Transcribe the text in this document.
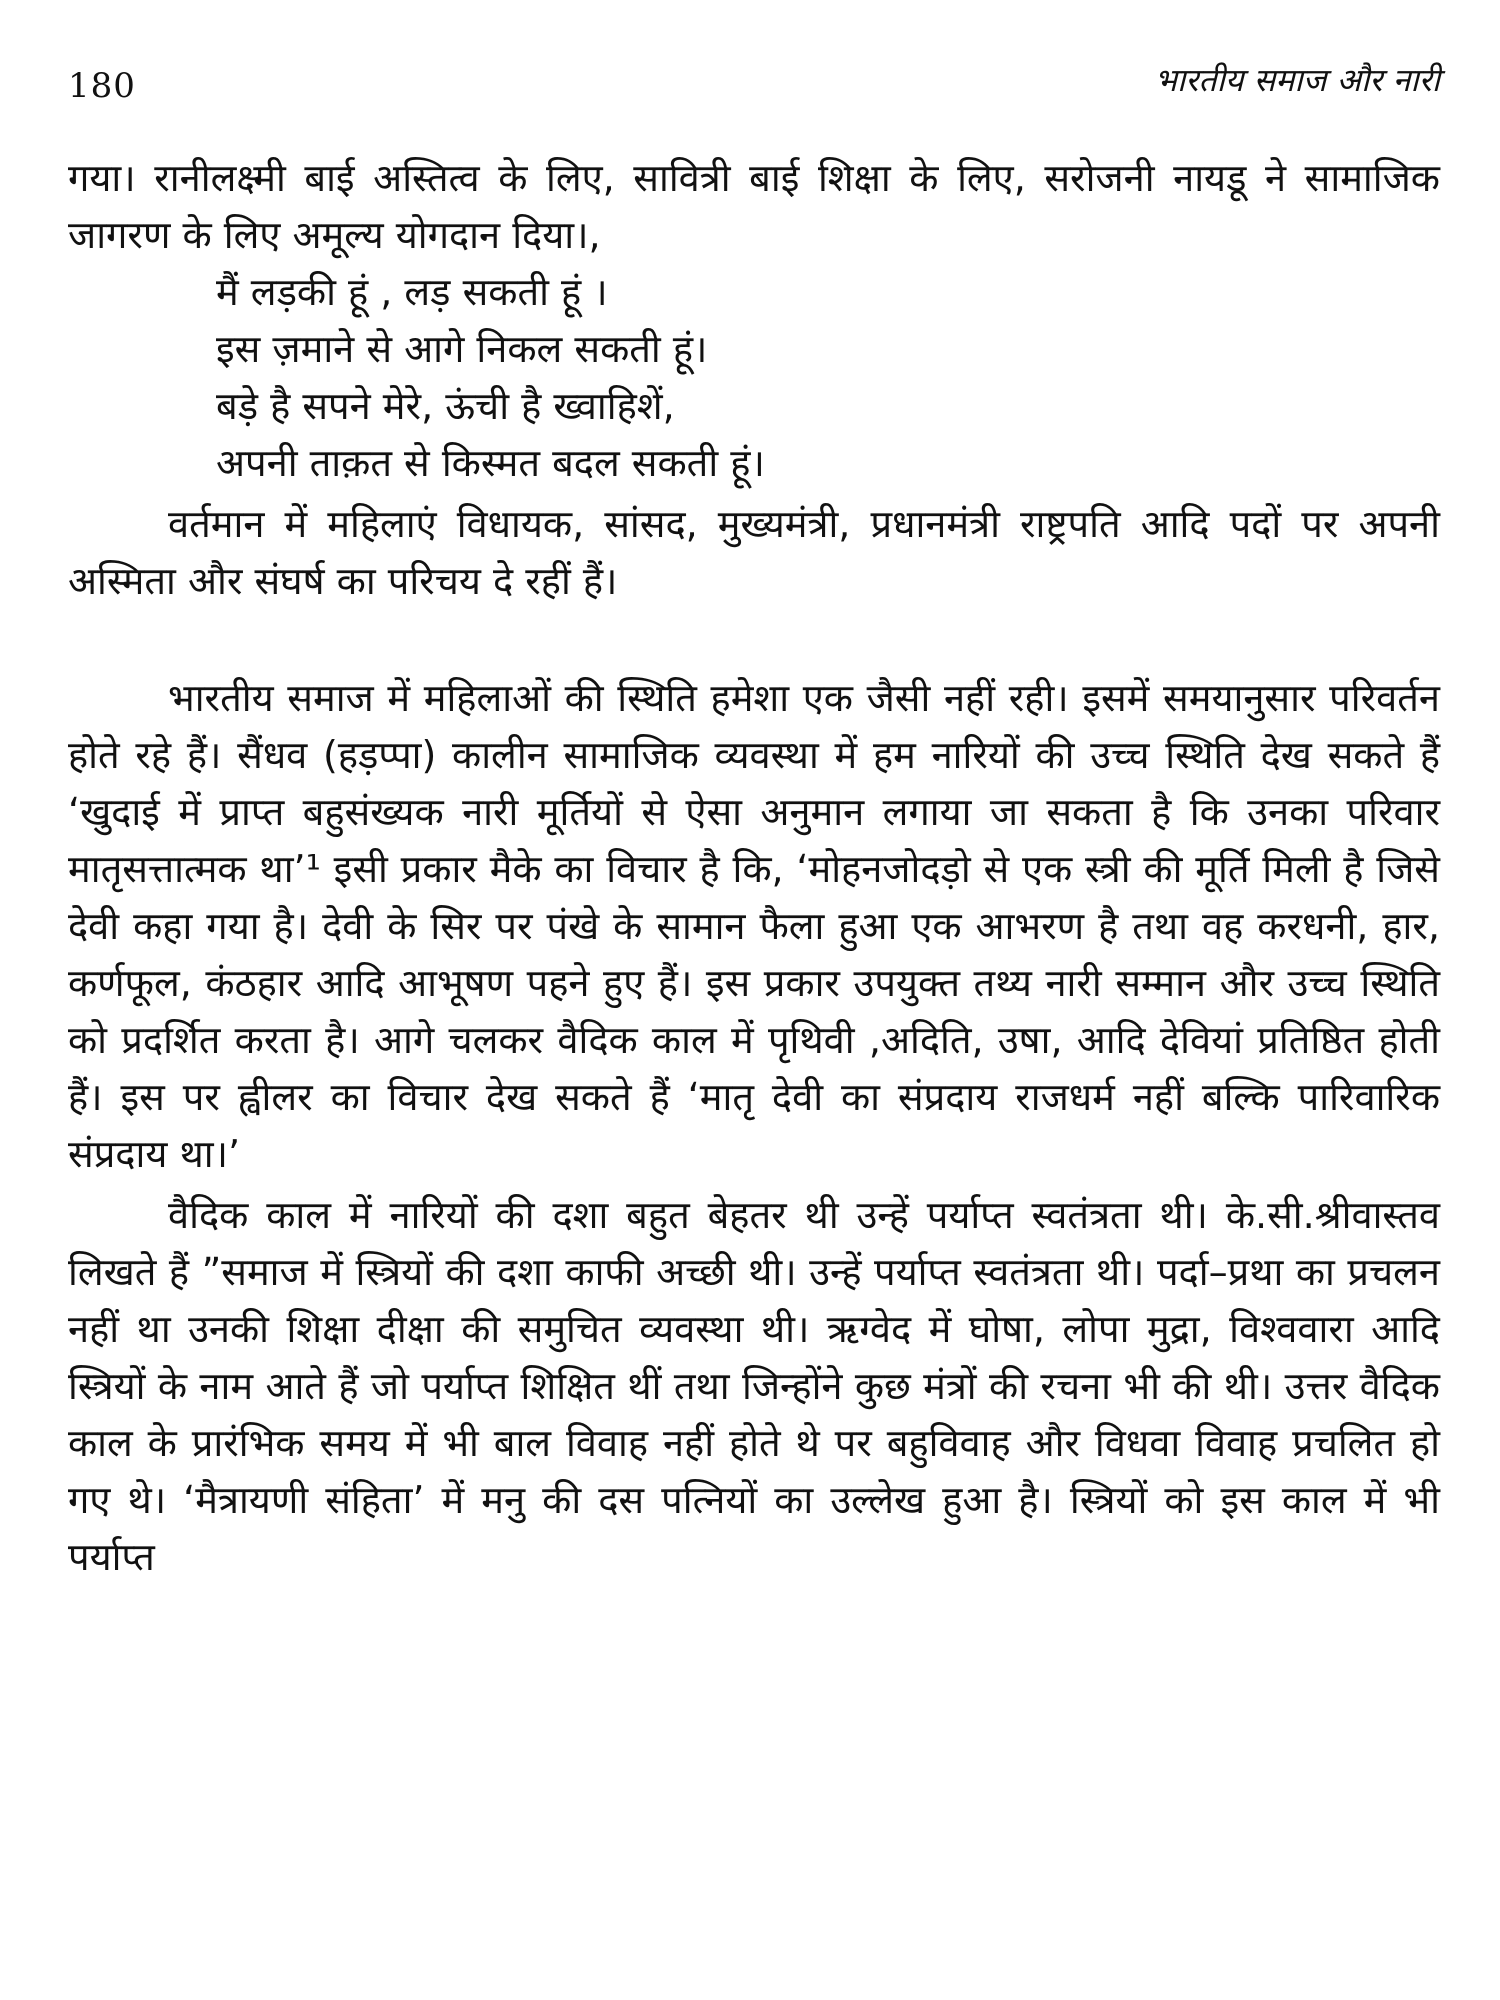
180	भारतीय समाज और नारी

गया। रानीलक्ष्मी बाई अस्तित्व के लिए, सावित्री बाई शिक्षा के लिए, सरोजनी नायडू ने सामाजिक जागरण के लिए अमूल्य योगदान दिया।,

मैं लड़की हूं , लड़ सकती हूं ।
इस ज़माने से आगे निकल सकती हूं।
बड़े है सपने मेरे, ऊंची है ख्वाहिशें,
अपनी ताक़त से किस्मत बदल सकती हूं।

वर्तमान में महिलाएं विधायक, सांसद, मुख्यमंत्री, प्रधानमंत्री राष्ट्रपति आदि पदों पर अपनी अस्मिता और संघर्ष का परिचय दे रहीं हैं।

भारतीय समाज में महिलाओं की स्थिति हमेशा एक जैसी नहीं रही। इसमें समयानुसार परिवर्तन होते रहे हैं। सैंधव (हड़प्पा) कालीन सामाजिक व्यवस्था में हम नारियों की उच्च स्थिति देख सकते हैं ‘खुदाई में प्राप्त बहुसंख्यक नारी मूर्तियों से ऐसा अनुमान लगाया जा सकता है कि उनका परिवार मातृसत्तात्मक था’¹ इसी प्रकार मैके का विचार है कि, ‘मोहनजोदड़ो से एक स्त्री की मूर्ति मिली है जिसे देवी कहा गया है। देवी के सिर पर पंखे के सामान फैला हुआ एक आभरण है तथा वह करधनी, हार, कर्णफूल, कंठहार आदि आभूषण पहने हुए हैं। इस प्रकार उपयुक्त तथ्य नारी सम्मान और उच्च स्थिति को प्रदर्शित करता है। आगे चलकर वैदिक काल में पृथिवी ,अदिति, उषा, आदि देवियां प्रतिष्ठित होती हैं। इस पर ह्वीलर का विचार देख सकते हैं ‘मातृ देवी का संप्रदाय राजधर्म नहीं बल्कि पारिवारिक संप्रदाय था।’

वैदिक काल में नारियों की दशा बहुत बेहतर थी उन्हें पर्याप्त स्वतंत्रता थी। के.सी.श्रीवास्तव लिखते हैं ”समाज में स्त्रियों की दशा काफी अच्छी थी। उन्हें पर्याप्त स्वतंत्रता थी। पर्दा–प्रथा का प्रचलन नहीं था उनकी शिक्षा दीक्षा की समुचित व्यवस्था थी। ऋग्वेद में घोषा, लोपा मुद्रा, विश्ववारा आदि स्त्रियों के नाम आते हैं जो पर्याप्त शिक्षित थीं तथा जिन्होंने कुछ मंत्रों की रचना भी की थी। उत्तर वैदिक काल के प्रारंभिक समय में भी बाल विवाह नहीं होते थे पर बहुविवाह और विधवा विवाह प्रचलित हो गए थे। ‘मैत्रायणी संहिता’ में मनु की दस पत्नियों का उल्लेख हुआ है। स्त्रियों को इस काल में भी पर्याप्त
